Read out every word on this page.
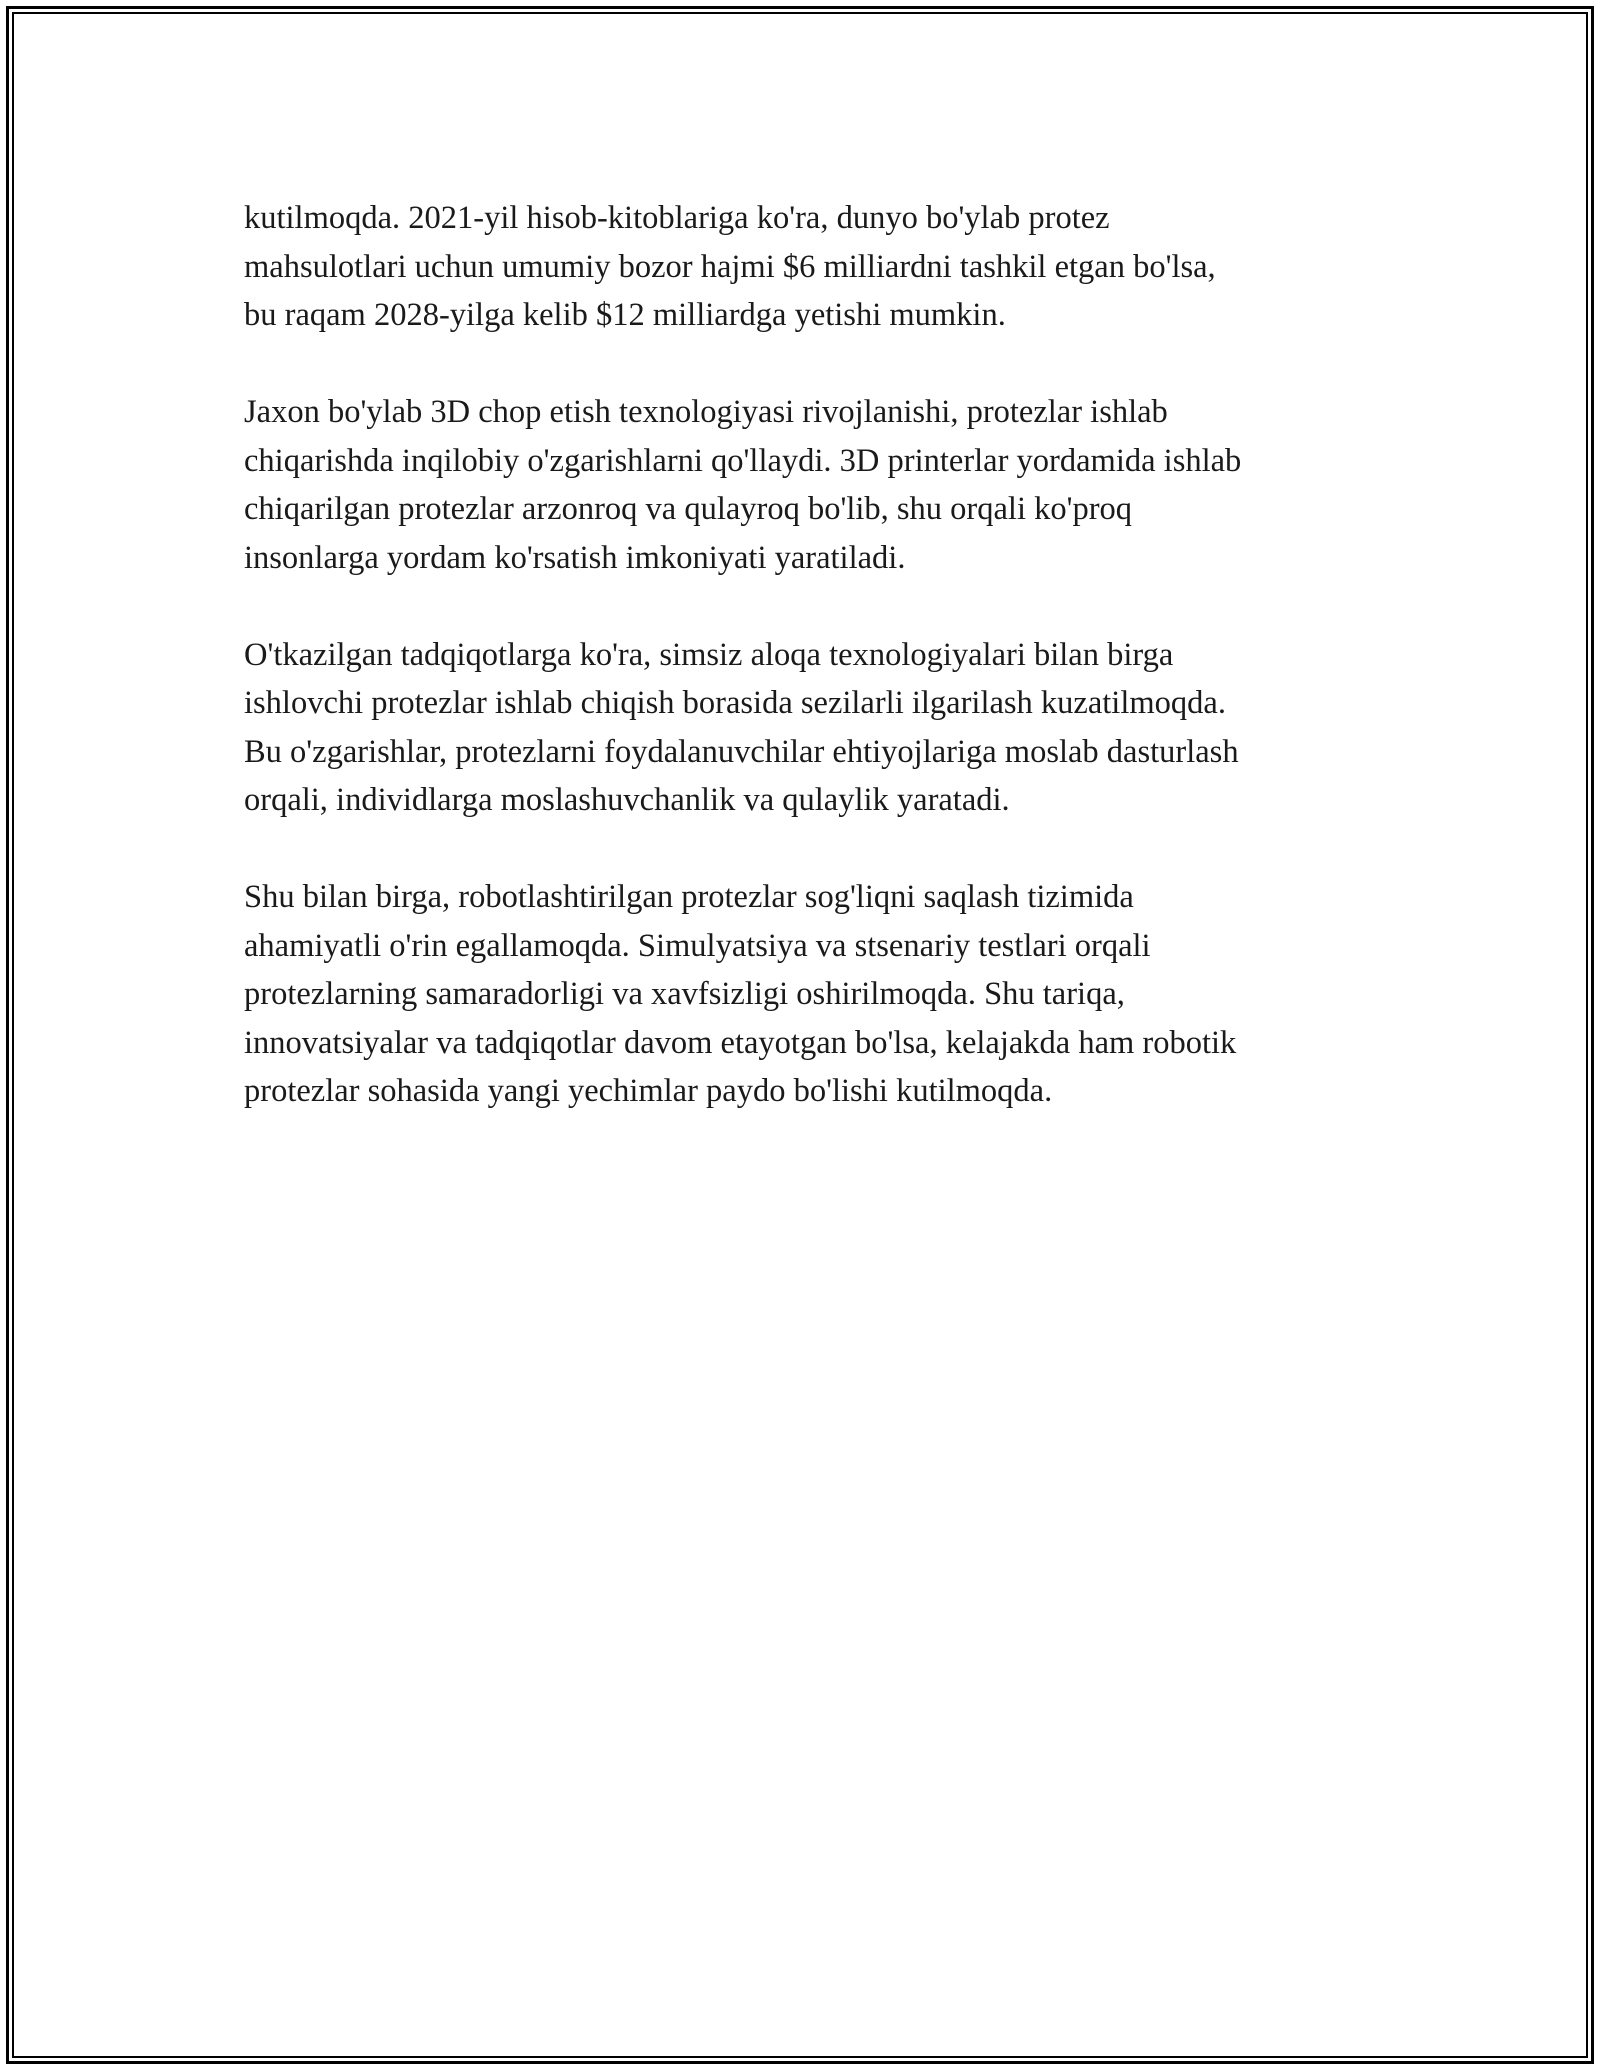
kutilmoqda. 2021-yil hisob-kitoblariga ko'ra, dunyo bo'ylab protez
mahsulotlari uchun umumiy bozor hajmi $6 milliardni tashkil etgan bo'lsa,
bu raqam 2028-yilga kelib $12 milliardga yetishi mumkin.

Jaxon bo'ylab 3D chop etish texnologiyasi rivojlanishi, protezlar ishlab
chiqarishda inqilobiy o'zgarishlarni qo'llaydi. 3D printerlar yordamida ishlab
chiqarilgan protezlar arzonroq va qulayroq bo'lib, shu orqali ko'proq
insonlarga yordam ko'rsatish imkoniyati yaratiladi.

O'tkazilgan tadqiqotlarga ko'ra, simsiz aloqa texnologiyalari bilan birga
ishlovchi protezlar ishlab chiqish borasida sezilarli ilgarilash kuzatilmoqda.
Bu o'zgarishlar, protezlarni foydalanuvchilar ehtiyojlariga moslab dasturlash
orqali, individlarga moslashuvchanlik va qulaylik yaratadi.

Shu bilan birga, robotlashtirilgan protezlar sog'liqni saqlash tizimida
ahamiyatli o'rin egallamoqda. Simulyatsiya va stsenariy testlari orqali
protezlarning samaradorligi va xavfsizligi oshirilmoqda. Shu tariqa,
innovatsiyalar va tadqiqotlar davom etayotgan bo'lsa, kelajakda ham robotik
protezlar sohasida yangi yechimlar paydo bo'lishi kutilmoqda.
